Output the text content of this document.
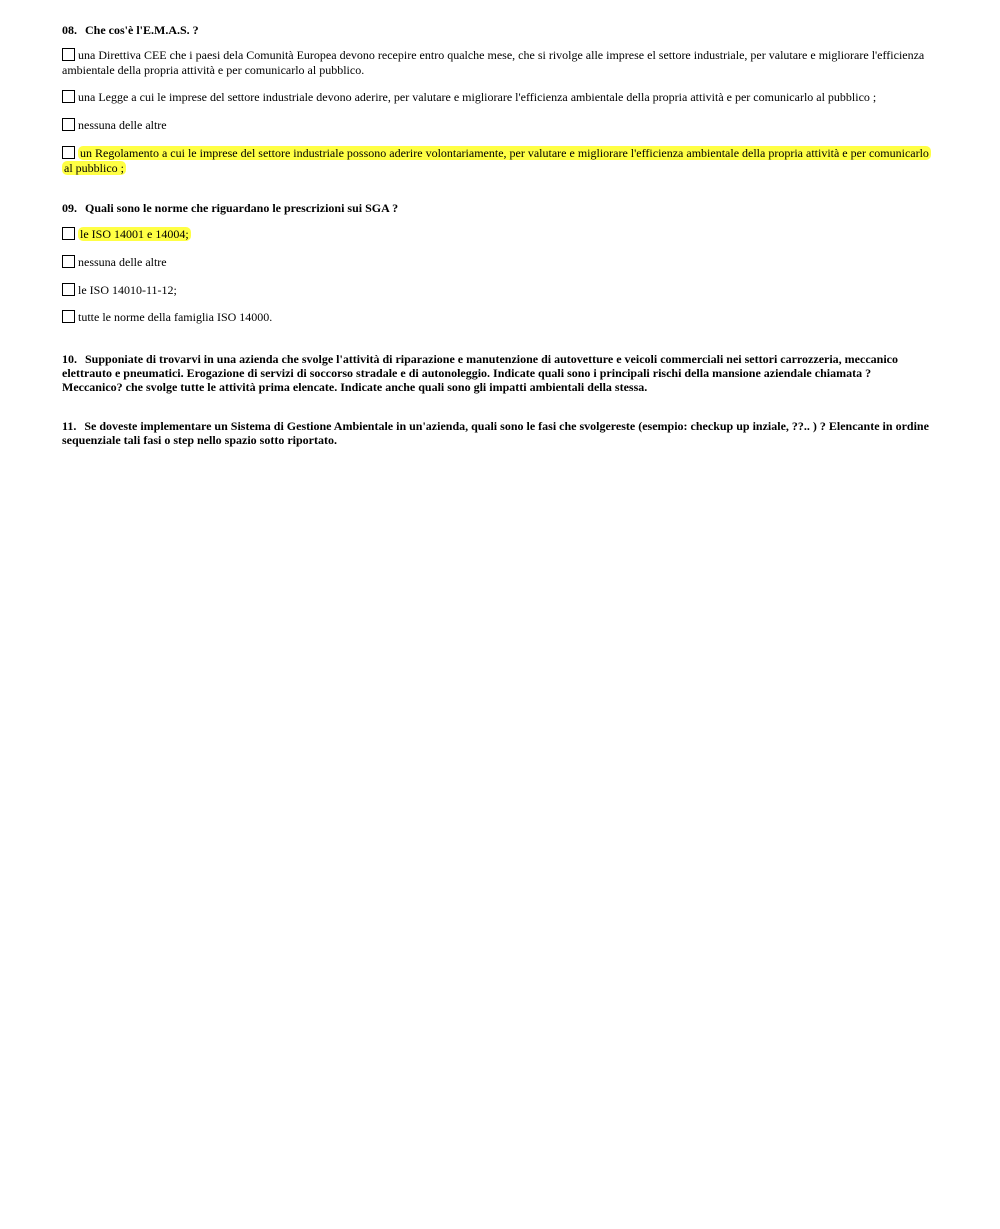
08. Che cos'è l'E.M.A.S. ?
una Direttiva CEE che i paesi dela Comunità Europea devono recepire entro qualche mese, che si rivolge alle imprese el settore industriale, per valutare e migliorare l'efficienza ambientale della propria attività e per comunicarlo al pubblico.
una Legge a cui le imprese del settore industriale devono aderire, per valutare e migliorare l'efficienza ambientale della propria attività e per comunicarlo al pubblico ;
nessuna delle altre
un Regolamento a cui le imprese del settore industriale possono aderire volontariamente, per valutare e migliorare l'efficienza ambientale della propria attività e per comunicarlo al pubblico ;
09. Quali sono le norme che riguardano le prescrizioni sui SGA ?
le ISO 14001 e 14004;
nessuna delle altre
le ISO 14010-11-12;
tutte le norme della famiglia ISO 14000.
10. Supponiate di trovarvi in una azienda che svolge l'attività di riparazione e manutenzione di autovetture e veicoli commerciali nei settori carrozzeria, meccanico elettrauto e pneumatici. Erogazione di servizi di soccorso stradale e di autonoleggio. Indicate quali sono i principali rischi della mansione aziendale chiamata ?Meccanico? che svolge tutte le attività prima elencate. Indicate anche quali sono gli impatti ambientali della stessa.
11. Se doveste implementare un Sistema di Gestione Ambientale in un'azienda, quali sono le fasi che svolgereste (esempio: checkup up inziale, ??.. ) ? Elencante in ordine sequenziale tali fasi o step nello spazio sotto riportato.
